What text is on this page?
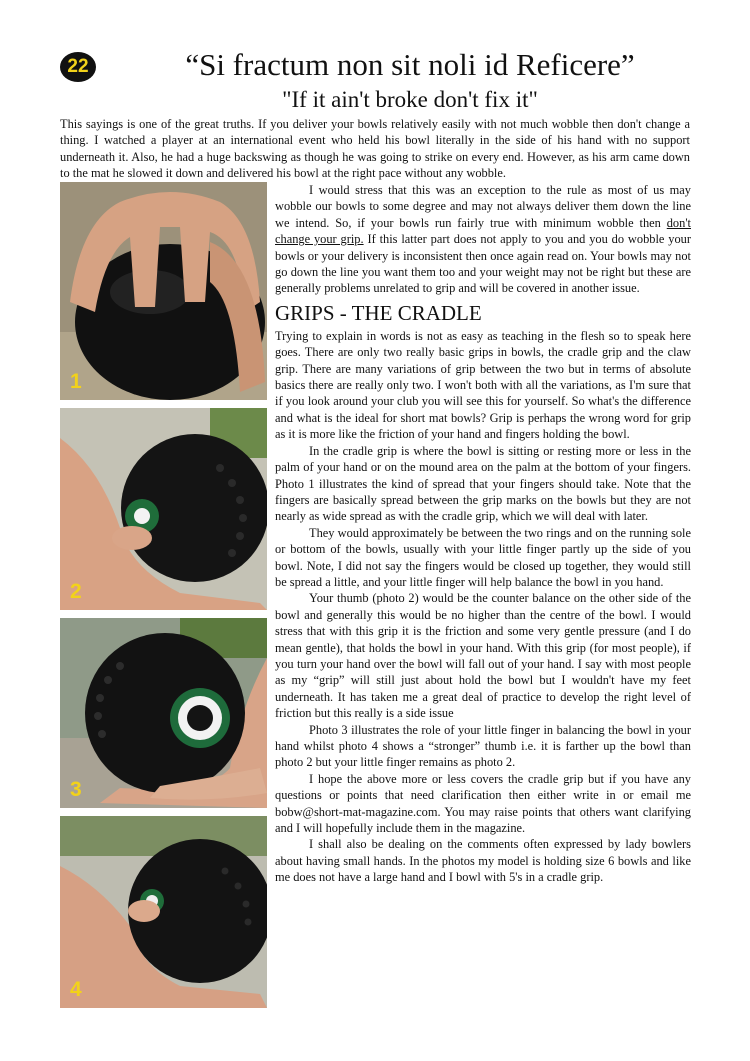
22	“Si fractum non sit noli id Reficere”
"If it ain't broke don't fix it"

This sayings is one of the great truths. If you deliver your bowls relatively easily with not much wobble then don't change a thing. I watched a player at an international event who held his bowl literally in the side of his hand with no support underneath it. Also, he had a huge backswing as though he was going to strike on every end. However, as his arm came down to the mat he slowed it down and delivered his bowl at the right pace without any wobble.

1
2
3
4

I would stress that this was an exception to the rule as most of us may wobble our bowls to some degree and may not always deliver them down the line we intend. So, if your bowls run fairly true with minimum wobble then don't change your grip. If this latter part does not apply to you and you do wobble your bowls or your delivery is inconsistent then once again read on. Your bowls may not go down the line you want them too and your weight may not be right but these are generally problems unrelated to grip and will be covered in another issue.

GRIPS - THE CRADLE

Trying to explain in words is not as easy as teaching in the flesh so to speak here goes. There are only two really basic grips in bowls, the cradle grip and the claw grip. There are many variations of grip between the two but in terms of absolute basics there are really only two. I won't both with all the variations, as I'm sure that if you look around your club you will see this for yourself. So what's the difference and what is the ideal for short mat bowls? Grip is perhaps the wrong word for grip as it is more like the friction of your hand and fingers holding the bowl.

In the cradle grip is where the bowl is sitting or resting more or less in the palm of your hand or on the mound area on the palm at the bottom of your fingers. Photo 1 illustrates the kind of spread that your fingers should take. Note that the fingers are basically spread between the grip marks on the bowls but they are not nearly as wide spread as with the cradle grip, which we will deal with later.

They would approximately be between the two rings and on the running sole or bottom of the bowls, usually with your little finger partly up the side of you bowl. Note, I did not say the fingers would be closed up together, they would still be spread a little, and your little finger will help balance the bowl in you hand.

Your thumb (photo 2) would be the counter balance on the other side of the bowl and generally this would be no higher than the centre of the bowl. I would stress that with this grip it is the friction and some very gentle pressure (and I do mean gentle), that holds the bowl in your hand. With this grip (for most people), if you turn your hand over the bowl will fall out of your hand. I say with most people as my “grip” will still just about hold the bowl but I wouldn't have my feet underneath. It has taken me a great deal of practice to develop the right level of friction but this really is a side issue

Photo 3 illustrates the role of your little finger in balancing the bowl in your hand whilst photo 4 shows a “stronger” thumb i.e. it is farther up the bowl than photo 2 but your little finger remains as photo 2.

I hope the above more or less covers the cradle grip but if you have any questions or points that need clarification then either write in or email me bobw@short-mat-magazine.com. You may raise points that others want clarifying and I will hopefully include them in the magazine.

I shall also be dealing on the comments often expressed by lady bowlers about having small hands. In the photos my model is holding size 6 bowls and like me does not have a large hand and I bowl with 5's in a cradle grip.
